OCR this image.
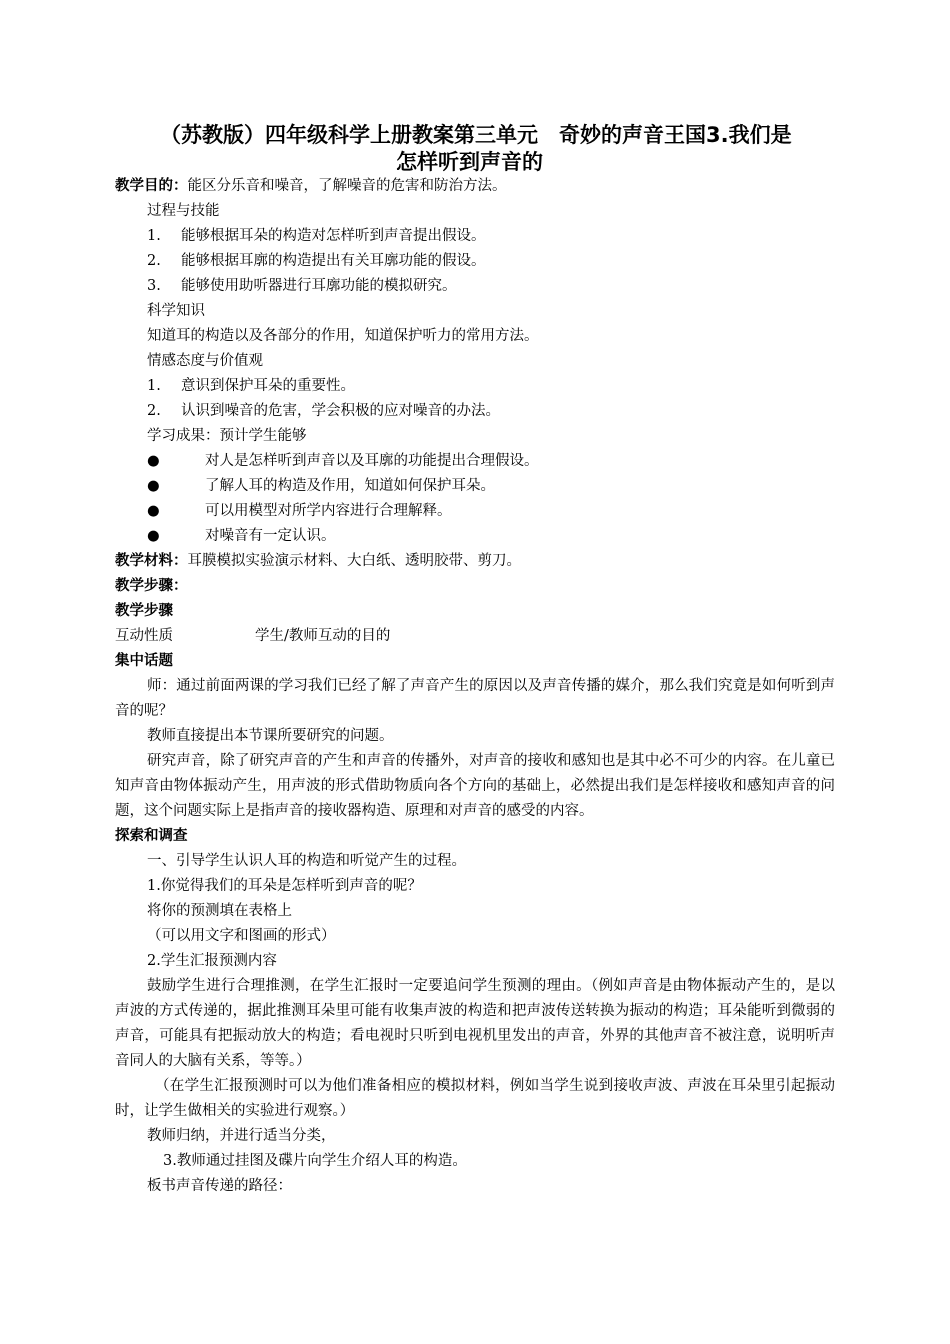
（苏教版）四年级科学上册教案第三单元　奇妙的声音王国3.我们是
怎样听到声音的
教学目的：能区分乐音和噪音，了解噪音的危害和防治方法。
过程与技能
1. 能够根据耳朵的构造对怎样听到声音提出假设。
2. 能够根据耳廓的构造提出有关耳廓功能的假设。
3. 能够使用助听器进行耳廓功能的模拟研究。
科学知识
知道耳的构造以及各部分的作用，知道保护听力的常用方法。
情感态度与价值观
1. 意识到保护耳朵的重要性。
2. 认识到噪音的危害，学会积极的应对噪音的办法。
学习成果：预计学生能够
●	对人是怎样听到声音以及耳廓的功能提出合理假设。
●	了解人耳的构造及作用，知道如何保护耳朵。
●	可以用模型对所学内容进行合理解释。
●	对噪音有一定认识。
教学材料：耳膜模拟实验演示材料、大白纸、透明胶带、剪刀。
教学步骤：
教学步骤
互动性质	学生/教师互动的目的
集中话题
师：通过前面两课的学习我们已经了解了声音产生的原因以及声音传播的媒介，那么我们究竟是如何听到声音的呢？
教师直接提出本节课所要研究的问题。
研究声音，除了研究声音的产生和声音的传播外，对声音的接收和感知也是其中必不可少的内容。在儿童已知声音由物体振动产生，用声波的形式借助物质向各个方向的基础上，必然提出我们是怎样接收和感知声音的问题，这个问题实际上是指声音的接收器构造、原理和对声音的感受的内容。
探索和调查
一、引导学生认识人耳的构造和听觉产生的过程。
1.你觉得我们的耳朵是怎样听到声音的呢？
将你的预测填在表格上
（可以用文字和图画的形式）
2.学生汇报预测内容
鼓励学生进行合理推测，在学生汇报时一定要追问学生预测的理由。（例如声音是由物体振动产生的，是以声波的方式传递的，据此推测耳朵里可能有收集声波的构造和把声波传送转换为振动的构造；耳朵能听到微弱的声音，可能具有把振动放大的构造；看电视时只听到电视机里发出的声音，外界的其他声音不被注意，说明听声音同人的大脑有关系，等等。）
（在学生汇报预测时可以为他们准备相应的模拟材料，例如当学生说到接收声波、声波在耳朵里引起振动时，让学生做相关的实验进行观察。）
教师归纳，并进行适当分类，
3.教师通过挂图及碟片向学生介绍人耳的构造。
板书声音传递的路径：
